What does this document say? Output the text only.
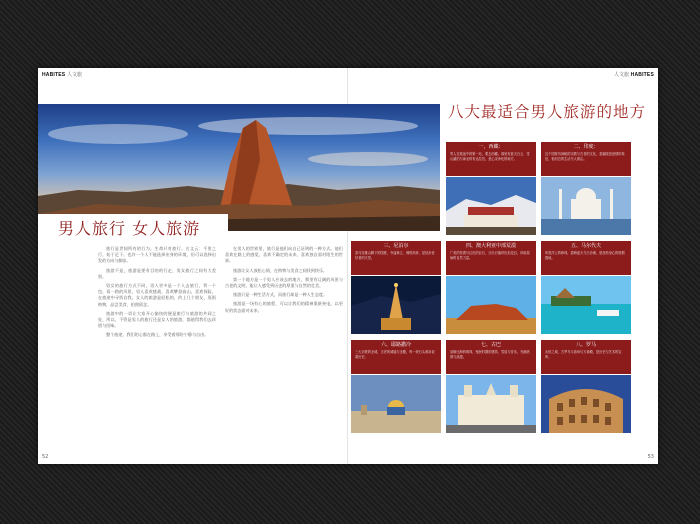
HABITES 人文旅	人文旅 HABITES
男人旅行 女人旅游

旅行是世间所有的行为。生命只有旅行。古文云：千里之行，始于足下。也许一个人不能选择出身的环境，但可以选择出发的方向与脚步。

旅游不是，旅游是要有目的的行走，男女旅行之间有大差别。

男女的旅行方式不同，男人更多是一个人去旅行，背一个包，看一路的风景，男人喜欢挑战，喜欢攀登高山，喜欢探险，在旅途中寻找自我。女人的旅游是轻松的，约上几个朋友，逛街购物，品尝美食，拍照留念。

旅游中的一切让大家开心愉快的便是旅行与旅游的共同之处，所以，不管是男人的旅行还是女人的旅游，都值得我们去珍惜与回味。

整个旅途，我们的心都在路上，享受着那份宁静与自由。

在男人的世界里，旅行是他们向自己证明的一种方式。他们喜欢在路上的感觉，喜欢不确定的未来，喜欢独自面对陌生的世界。

旅游让女人放松心情，在购物与美食之间找到快乐。

第一个地方是一个男人应该去的地方，那里有辽阔的风景与古老的文明，能让人感受到历史的厚重与自然的壮美。

旅游只是一种生活方式，而旅行却是一种人生态度。

旅游是一场有心的旅程，可以让我们的精神重新充电，以更好的状态面对未来。

52	53
八大最适合男人旅游的地方
一、西藏：
男人在旅途中的第一站，要去西藏。那里有蓝天白云、雪山湖泊与神圣的布达拉宫，是心灵净化的地方。
二、印度：
这个国度有神秘的宗教与古老的文化，泰姬陵是爱情的象征，恒河边的生活令人难忘。
三、尼泊尔
喜马拉雅山脚下的国度，寺庙林立，佛塔高耸，是徒步爱好者的天堂。
四、澳大利亚中部荒漠
广袤的荒漠与红色的巨石，日出日落时色彩变幻，体验原始的自然力量。
五、马尔代夫
印度洋上的珍珠，碧海蓝天与白沙滩，是放松身心的度假胜地。
六、耶路撒冷
三大宗教的圣城，古老的城墙与圣殿，每一块石头都诉说着历史。
七、古巴
加勒比海的明珠，殖民时期的建筑、雪茄与音乐，充满热情与浪漫。
八、罗马
永恒之城，古罗马斗兽场与万神殿，是历史与艺术的宝库。
